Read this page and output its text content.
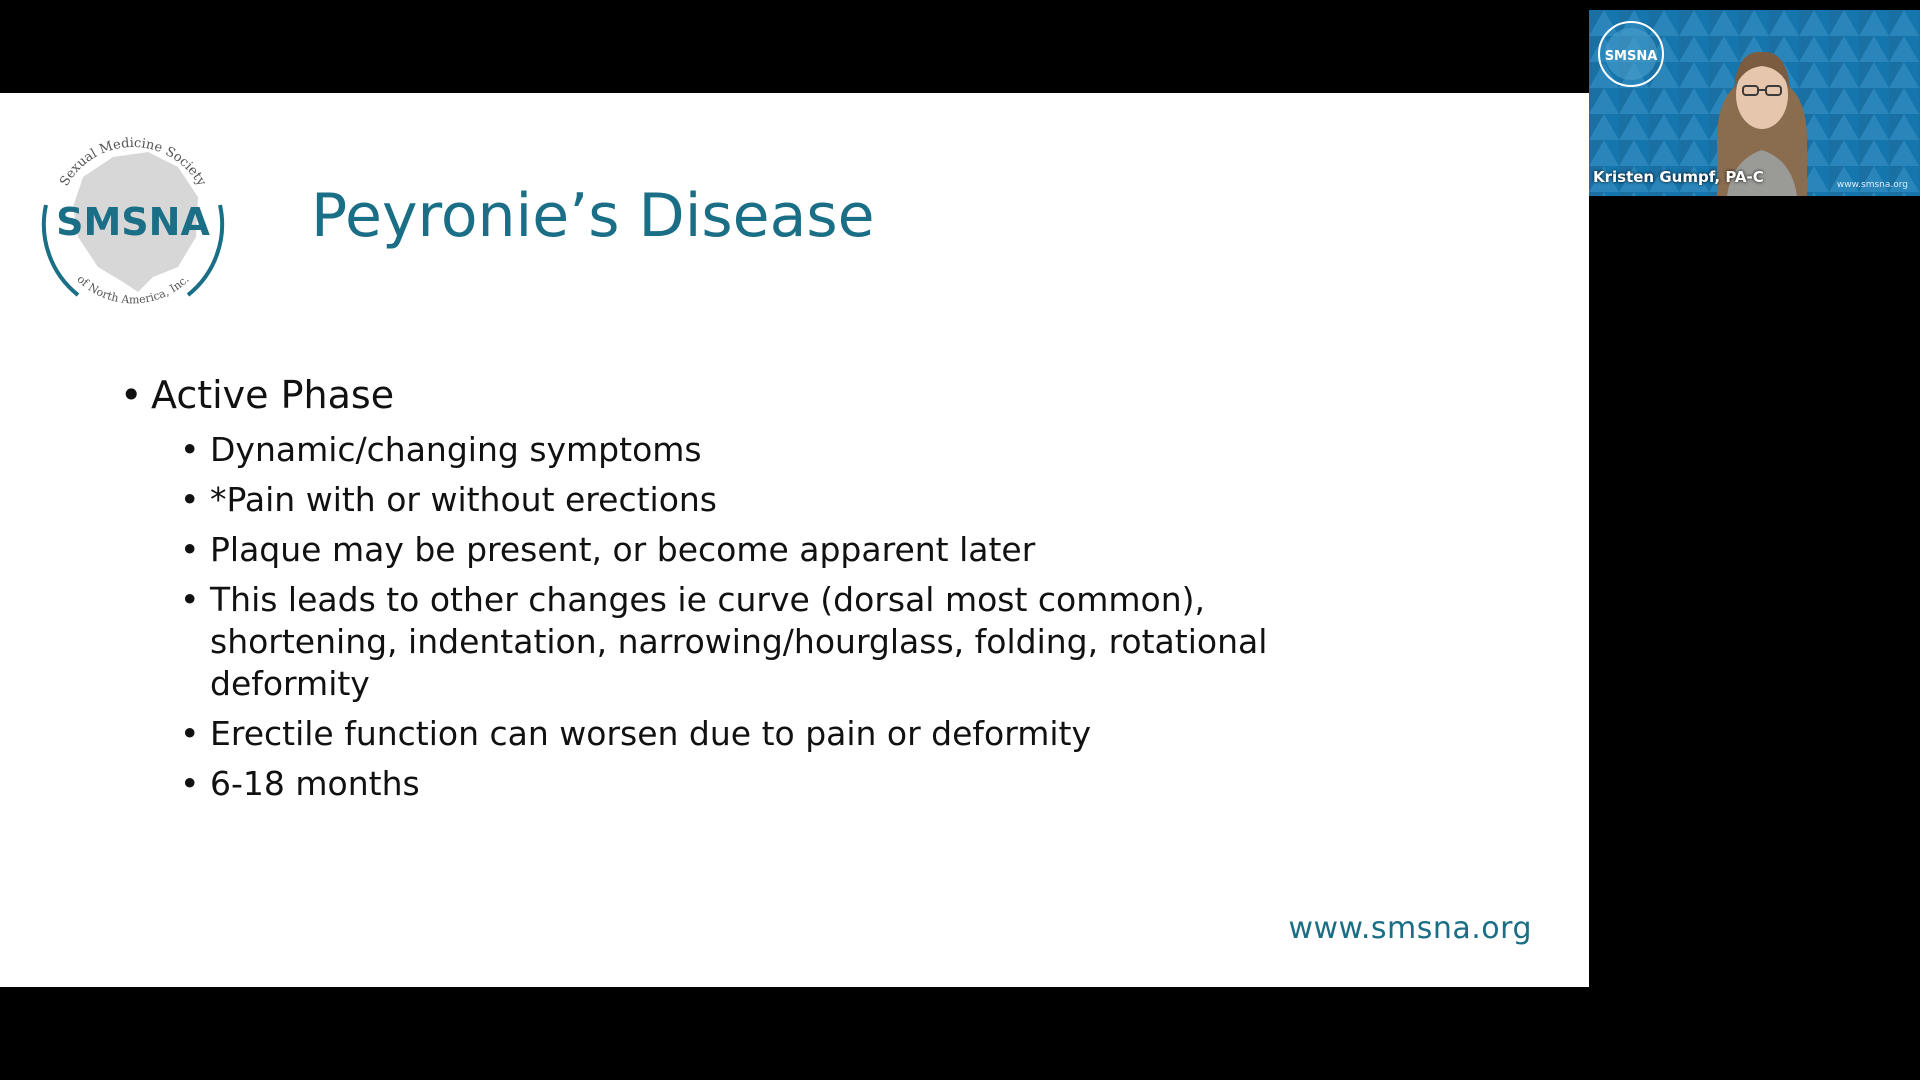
Sexual Medicine Society
of North America, Inc.
SMSNA Peyronie’s Disease
• Active Phase
• Dynamic/changing symptoms
• *Pain with or without erections
• Plaque may be present, or become apparent later
• This leads to other changes ie curve (dorsal most common), shortening, indentation, narrowing/hourglass, folding, rotational deformity
• Erectile function can worsen due to pain or deformity
• 6-18 months
www.smsna.org
SMSNA
Kristen Gumpf, PA-C	www.smsna.org
